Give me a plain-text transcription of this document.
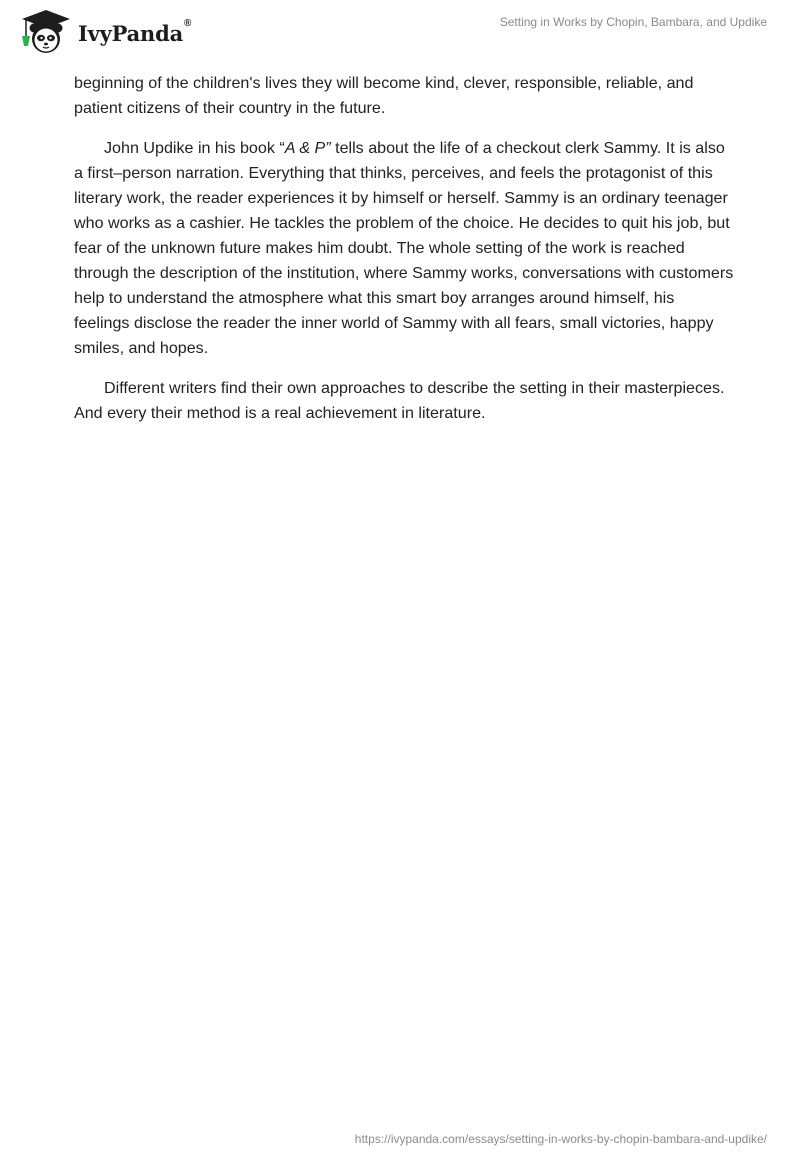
IvyPanda®	Setting in Works by Chopin, Bambara, and Updike

beginning of the children's lives they will become kind, clever, responsible, reliable, and patient citizens of their country in the future.

John Updike in his book “A & P” tells about the life of a checkout clerk Sammy. It is also a first–person narration. Everything that thinks, perceives, and feels the protagonist of this literary work, the reader experiences it by himself or herself. Sammy is an ordinary teenager who works as a cashier. He tackles the problem of the choice. He decides to quit his job, but fear of the unknown future makes him doubt. The whole setting of the work is reached through the description of the institution, where Sammy works, conversations with customers help to understand the atmosphere what this smart boy arranges around himself, his feelings disclose the reader the inner world of Sammy with all fears, small victories, happy smiles, and hopes.

Different writers find their own approaches to describe the setting in their masterpieces. And every their method is a real achievement in literature.

https://ivypanda.com/essays/setting-in-works-by-chopin-bambara-and-updike/
